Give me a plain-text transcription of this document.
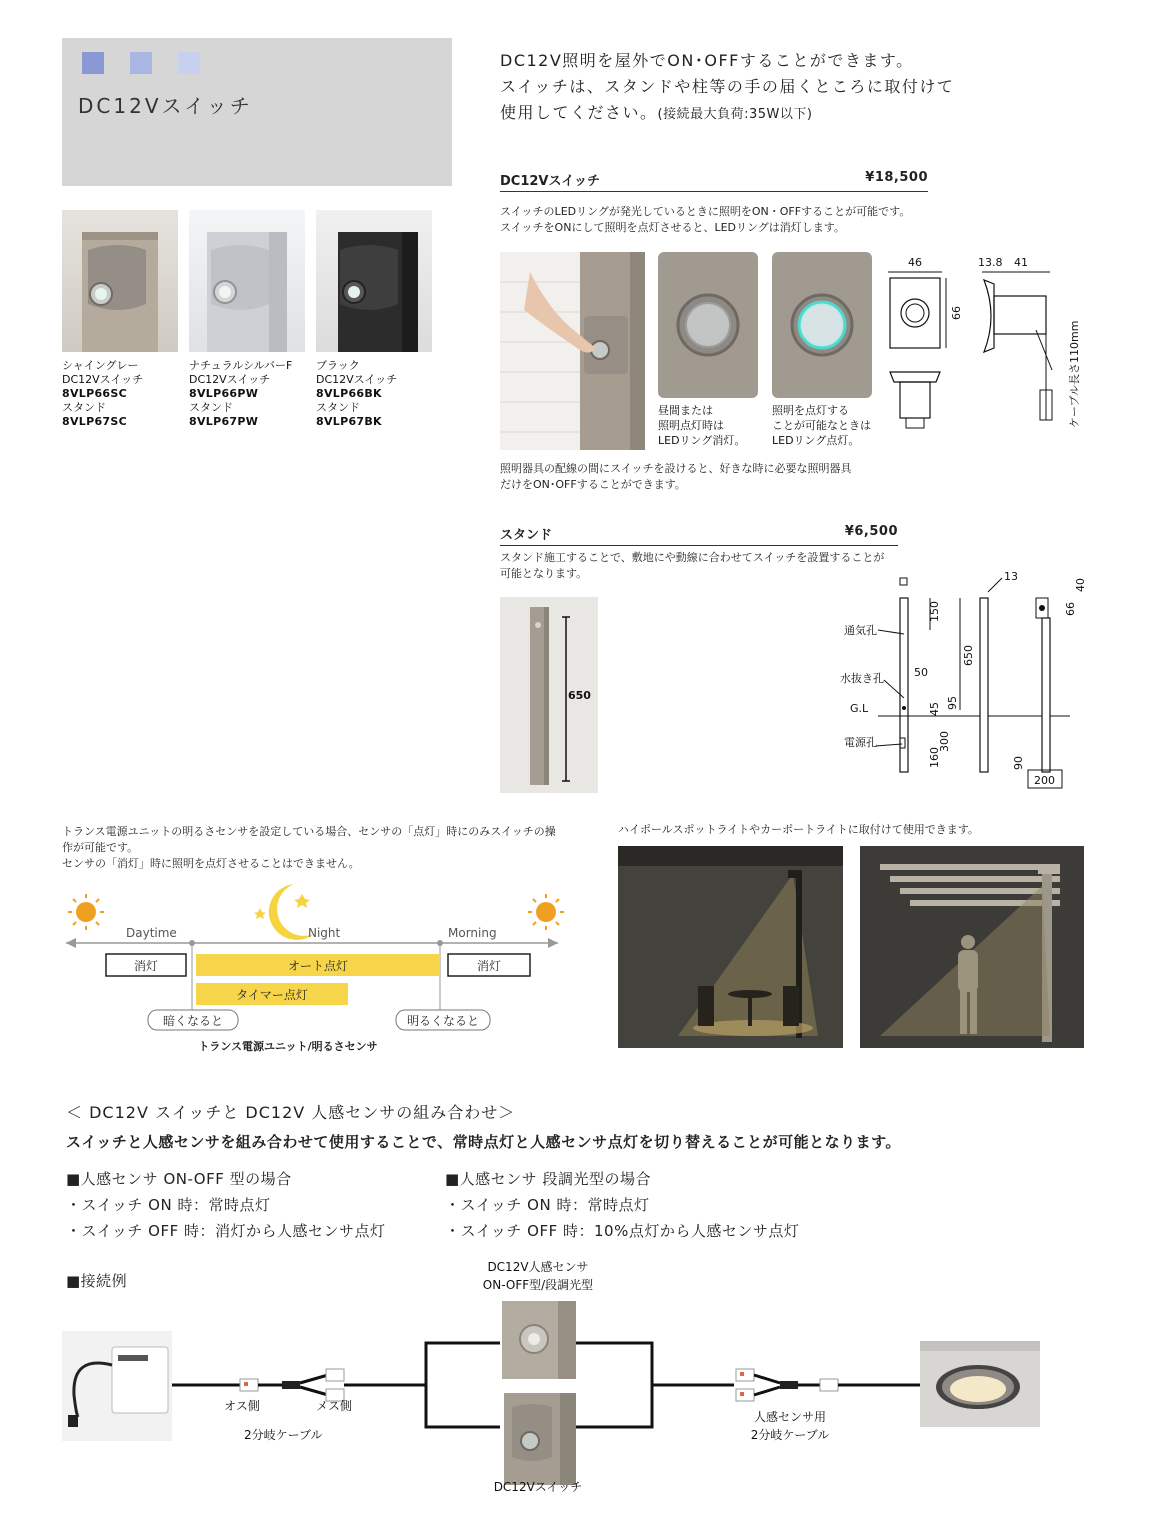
DC12Vスイッチ
DC12V照明を屋外でON･OFFすることができます。
スイッチは、スタンドや柱等の手の届くところに取付けて
使用してください。(接続最大負荷:35W以下)
シャイングレー
DC12Vスイッチ
8VLP66SC
スタンド
8VLP67SC
ナチュラルシルバーF
DC12Vスイッチ
8VLP66PW
スタンド
8VLP67PW
ブラック
DC12Vスイッチ
8VLP66BK
スタンド
8VLP67BK
DC12Vスイッチ	¥18,500
スイッチのLEDリングが発光しているときに照明をON・OFFすることが可能です。
スイッチをONにして照明を点灯させると、LEDリングは消灯します。
昼間または
照明点灯時は
LEDリング消灯。
照明を点灯する
ことが可能なときは
LEDリング点灯。
46
66
13.8 41
ケーブル長さ110mm
照明器具の配線の間にスイッチを設けると、好きな時に必要な照明器具
だけをON･OFFすることができます。
スタンド	¥6,500
スタンド施工することで、敷地にや動線に合わせてスイッチを設置することが
可能となります。
650
150
650
通気孔
50
水抜き孔
G.L	45 95
電源孔	300
160
13
90
40
66
200
トランス電源ユニットの明るさセンサを設定している場合、センサの「点灯」時にのみスイッチの操
作が可能です。
センサの「消灯」時に照明を点灯させることはできません。
Daytime	Night	Morning
消灯	オート点灯	消灯
タイマー点灯
暗くなると	明るくなると
トランス電源ユニット/明るさセンサ
ハイポールスポットライトやカーポートライトに取付けて使用できます。
＜ DC12V スイッチと DC12V 人感センサの組み合わせ＞
スイッチと人感センサを組み合わせて使用することで、常時点灯と人感センサ点灯を切り替えることが可能となります。
■人感センサ ON-OFF 型の場合
・スイッチ ON 時：常時点灯
・スイッチ OFF 時：消灯から人感センサ点灯
■人感センサ 段調光型の場合
・スイッチ ON 時：常時点灯
・スイッチ OFF 時：10%点灯から人感センサ点灯
■接続例
オス側	メス側
2分岐ケーブル
DC12V人感センサ
ON-OFF型/段調光型
DC12Vスイッチ
人感センサ用
2分岐ケーブル
